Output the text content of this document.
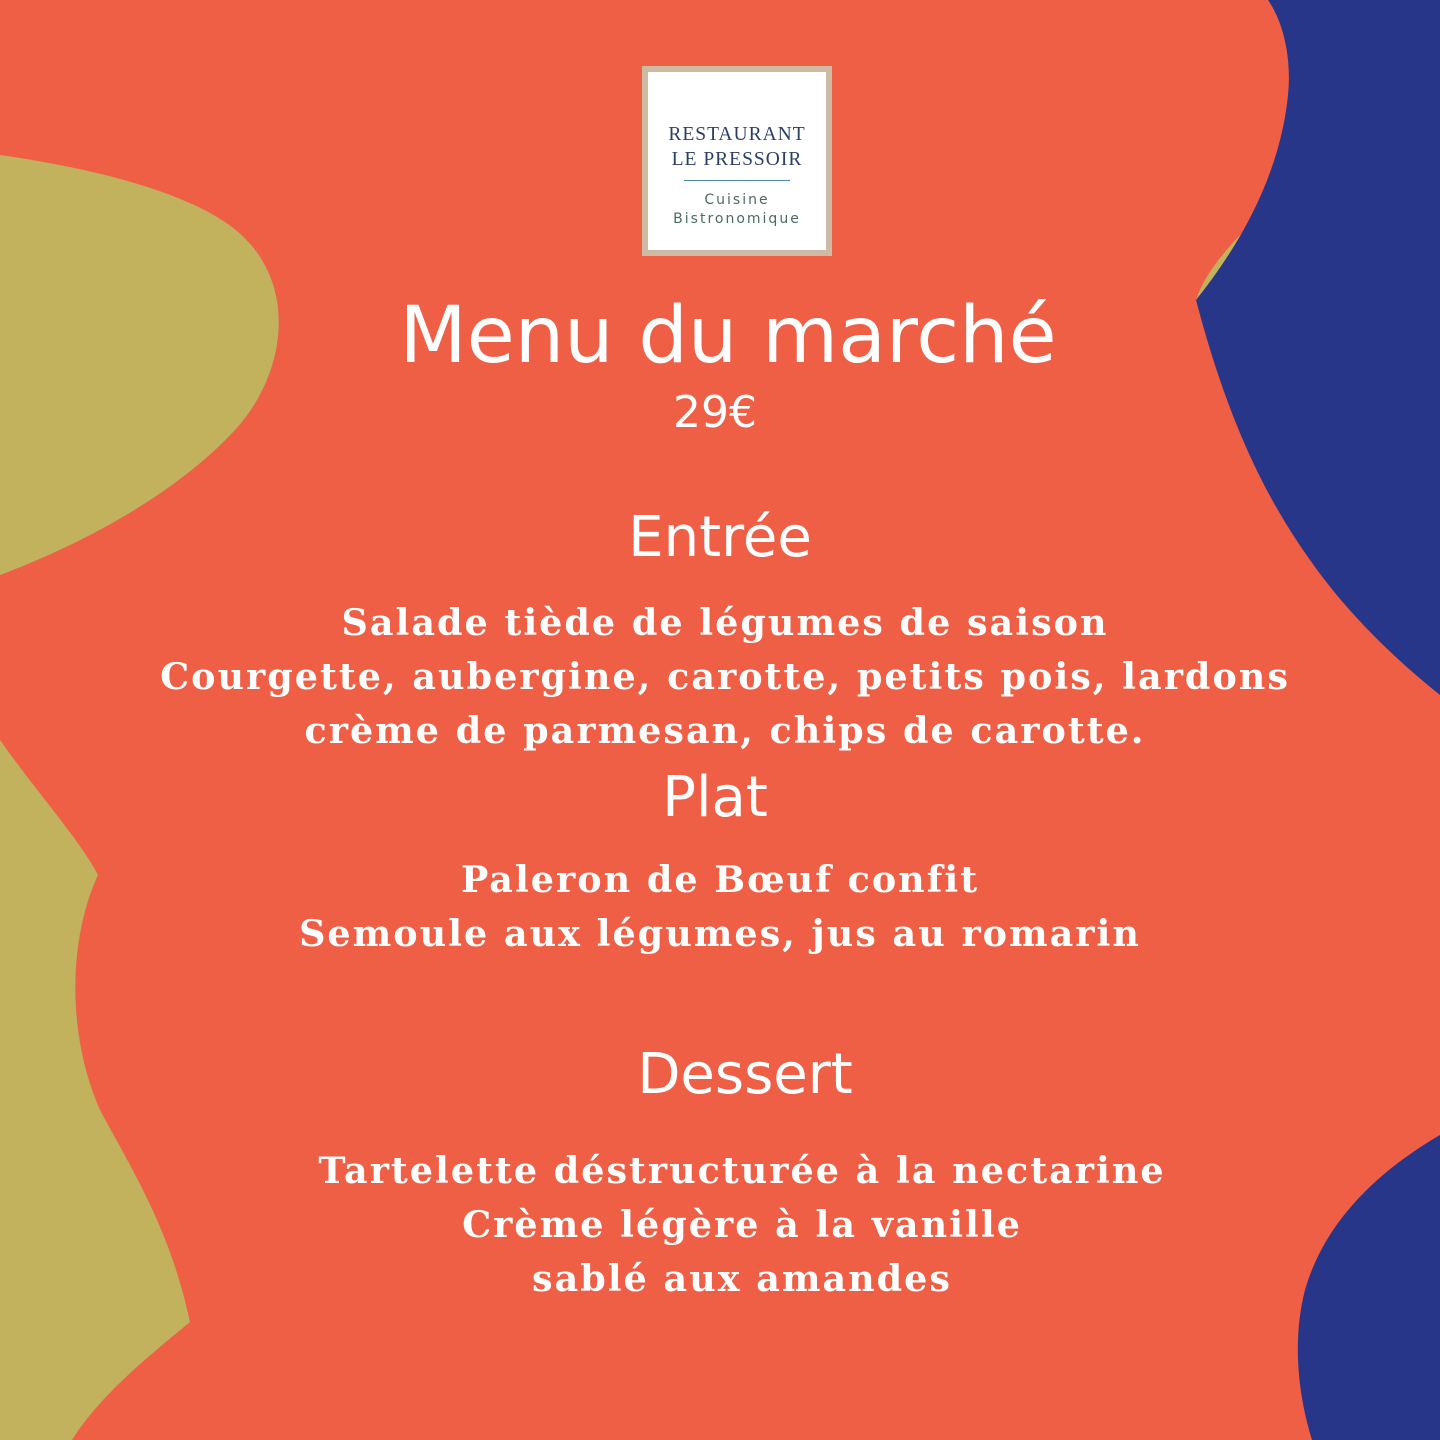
RESTAURANT
LE PRESSOIR
Cuisine
Bistronomique
Menu du marché
29€
Entrée
Salade tiède de légumes de saison
Courgette, aubergine, carotte, petits pois, lardons
crème de parmesan, chips de carotte.
Plat
Paleron de Bœuf confit
Semoule aux légumes, jus au romarin
Dessert
Tartelette déstructurée à la nectarine
Crème légère à la vanille
sablé aux amandes
